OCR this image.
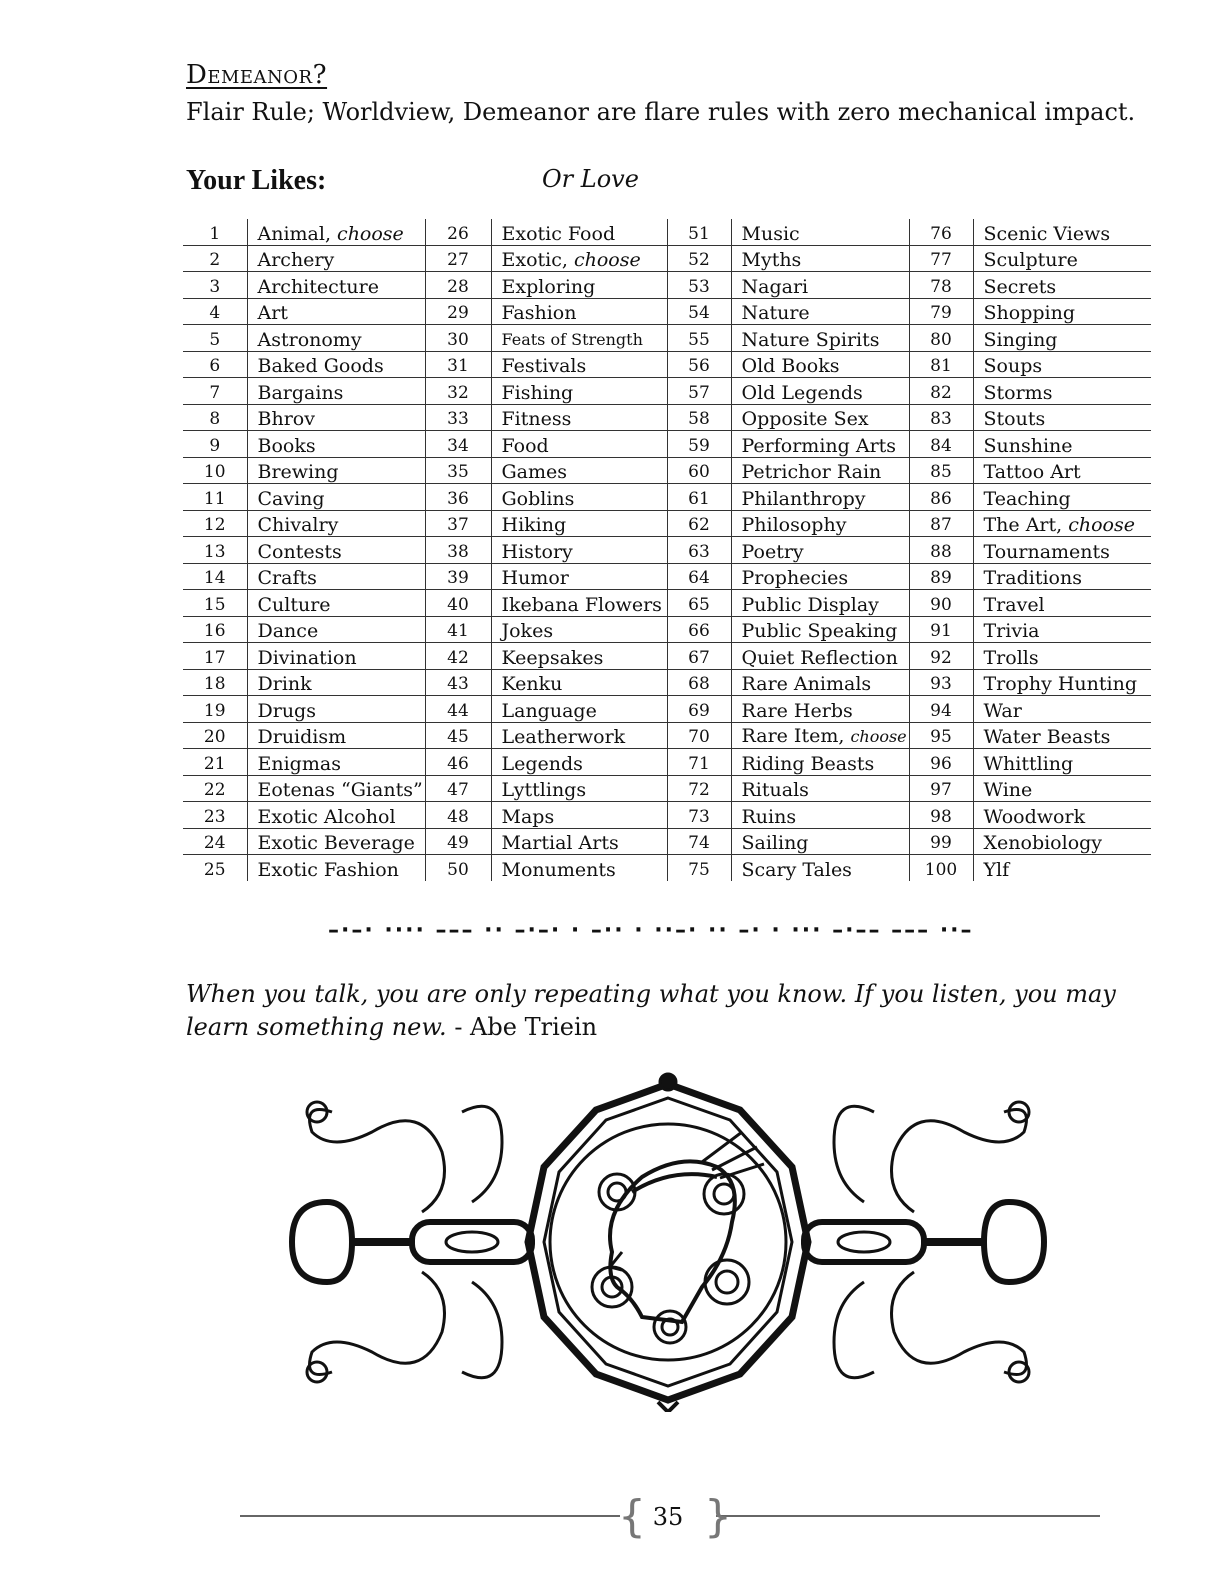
Demeanor?
Flair Rule; Worldview, Demeanor are flare rules with zero mechanical impact.
Your Likes:	Or Love
1	Animal, choose	26	Exotic Food	51	Music	76	Scenic Views
2	Archery	27	Exotic, choose	52	Myths	77	Sculpture
3	Architecture	28	Exploring	53	Nagari	78	Secrets
4	Art	29	Fashion	54	Nature	79	Shopping
5	Astronomy	30	Feats of Strength	55	Nature Spirits	80	Singing
6	Baked Goods	31	Festivals	56	Old Books	81	Soups
7	Bargains	32	Fishing	57	Old Legends	82	Storms
8	Bhrov	33	Fitness	58	Opposite Sex	83	Stouts
9	Books	34	Food	59	Performing Arts	84	Sunshine
10	Brewing	35	Games	60	Petrichor Rain	85	Tattoo Art
11	Caving	36	Goblins	61	Philanthropy	86	Teaching
12	Chivalry	37	Hiking	62	Philosophy	87	The Art, choose
13	Contests	38	History	63	Poetry	88	Tournaments
14	Crafts	39	Humor	64	Prophecies	89	Traditions
15	Culture	40	Ikebana Flowers	65	Public Display	90	Travel
16	Dance	41	Jokes	66	Public Speaking	91	Trivia
17	Divination	42	Keepsakes	67	Quiet Reflection	92	Trolls
18	Drink	43	Kenku	68	Rare Animals	93	Trophy Hunting
19	Drugs	44	Language	69	Rare Herbs	94	War
20	Druidism	45	Leatherwork	70	Rare Item, choose	95	Water Beasts
21	Enigmas	46	Legends	71	Riding Beasts	96	Whittling
22	Eotenas “Giants”	47	Lyttlings	72	Rituals	97	Wine
23	Exotic Alcohol	48	Maps	73	Ruins	98	Woodwork
24	Exotic Beverage	49	Martial Arts	74	Sailing	99	Xenobiology
25	Exotic Fashion	50	Monuments	75	Scary Tales	100	Ylf
–·–· ···· ––– ·· –·–· · –·· · ··–· ·· –· · ··· –·–– ––– ··–
When you talk, you are only repeating what you know. If you listen, you may learn something new. - Abe Triein
{ }
35
